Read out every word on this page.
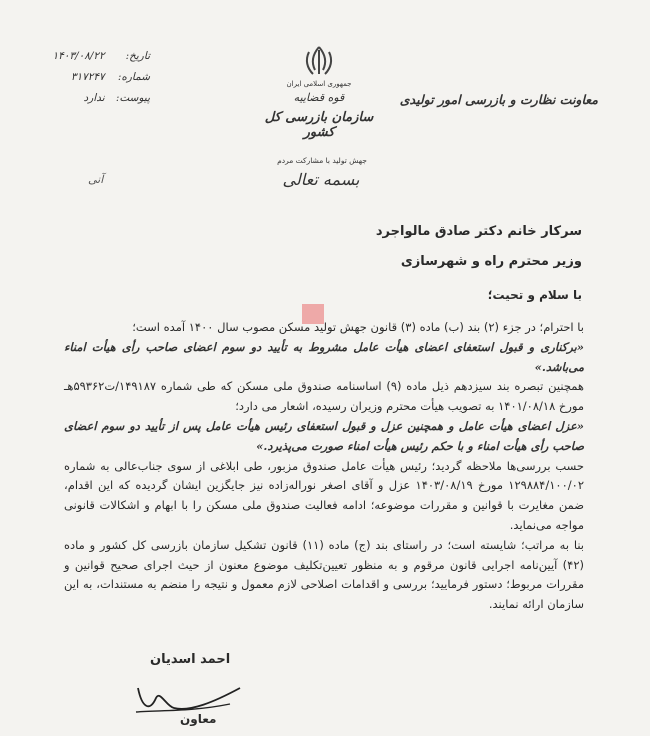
تاریخ: ۱۴۰۳/۰۸/۲۲
شماره: ۳۱۷۲۴۷
پیوست: ندارد
آنی
جمهوری اسلامی ایران
قوه قضاییه
سازمان بازرسی کل کشور
جهش تولید با مشارکت مردم
بسمه تعالی
معاونت نظارت و بازرسی امور تولیدی
سرکار خانم دکتر صادق مالواجرد
وزیر محترم راه و شهرسازی
با سلام و تحیت؛
با احترام؛ در جزء (۲) بند (ب) ماده (۳) قانون جهش تولید مسکن مصوب سال ۱۴۰۰ آمده است؛
«برکناری و قبول استعفای اعضای هیأت عامل مشروط به تأیید دو سوم اعضای صاحب رأی هیأت امناء می‌باشد.»
همچنین تبصره بند سیزدهم ذیل ماده (۹) اساسنامه صندوق ملی مسکن که طی شماره ۱۴۹۱۸۷/ت۵۹۳۶۲هـ مورخ ۱۴۰۱/۰۸/۱۸ به تصویب هیأت محترم وزیران رسیده، اشعار می دارد؛
«عزل اعضای هیأت عامل و همچنین عزل و قبول استعفای رئیس هیأت عامل پس از تأیید دو سوم اعضای صاحب رأی هیأت امناء و با حکم رئیس هیأت امناء صورت می‌پذیرد.»
حسب بررسی‌ها ملاحظه گردید؛ رئیس هیأت عامل صندوق مزبور، طی ابلاغی از سوی جناب‌عالی به شماره ۱۲۹۸۸۴/۱۰۰/۰۲ مورخ ۱۴۰۳/۰۸/۱۹ عزل و آقای اصغر نوراله‌زاده نیز جایگزین ایشان گردیده که این اقدام، ضمن مغایرت با قوانین و مقررات موضوعه؛ ادامه فعالیت صندوق ملی مسکن را با ابهام و اشکالات قانونی مواجه می‌نماید.
بنا به مراتب؛ شایسته است؛ در راستای بند (ج) ماده (۱۱) قانون تشکیل سازمان بازرسی کل کشور و ماده (۴۲) آیین‌نامه اجرایی قانون مرقوم و به منظور تعیین‌تکلیف موضوع معنون از حیث اجرای صحیح قوانین و مقررات مربوط؛ دستور فرمایید؛ بررسی و اقدامات اصلاحی لازم معمول و نتیجه را منضم به مستندات، به این سازمان ارائه نمایند.
احمد اسدیان
معاون
